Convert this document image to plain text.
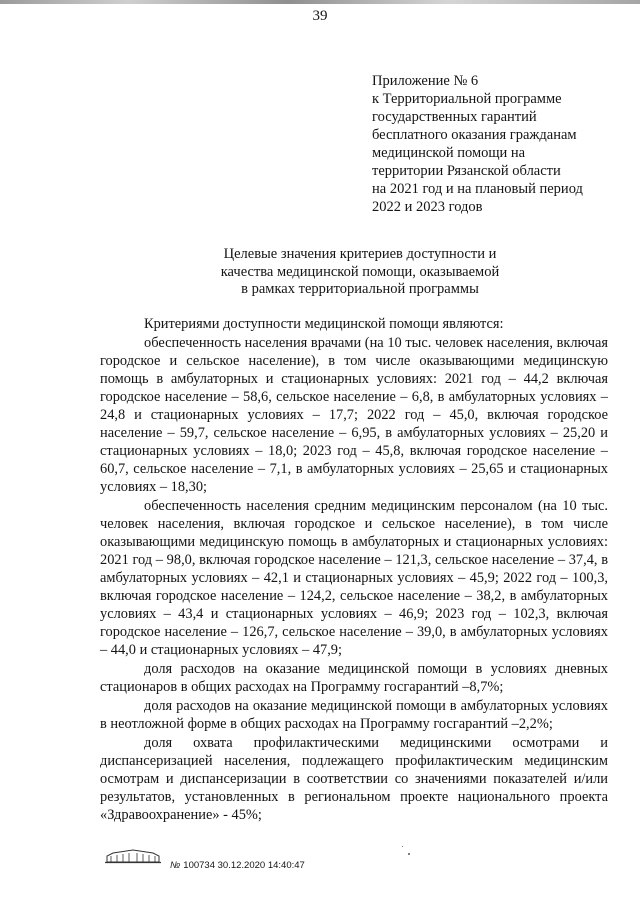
39
Приложение № 6
к Территориальной программе
государственных гарантий
бесплатного оказания гражданам
медицинской помощи на
территории Рязанской области
на 2021 год и на плановый период
2022 и 2023 годов
Целевые значения критериев доступности и
качества медицинской помощи, оказываемой
в рамках территориальной программы

Критериями доступности медицинской помощи являются:

обеспеченность населения врачами (на 10 тыс. человек населения, включая городское и сельское население), в том числе оказывающими медицинскую помощь в амбулаторных и стационарных условиях: 2021 год – 44,2 включая городское население – 58,6, сельское население – 6,8, в амбулаторных условиях – 24,8 и стационарных условиях – 17,7; 2022 год – 45,0, включая городское население – 59,7, сельское население – 6,95, в амбулаторных условиях – 25,20 и стационарных условиях – 18,0; 2023 год – 45,8, включая городское население – 60,7, сельское население – 7,1, в амбулаторных условиях – 25,65 и стационарных условиях – 18,30;

обеспеченность населения средним медицинским персоналом (на 10 тыс. человек населения, включая городское и сельское население), в том числе оказывающими медицинскую помощь в амбулаторных и стационарных условиях: 2021 год – 98,0, включая городское население – 121,3, сельское население – 37,4, в амбулаторных условиях – 42,1 и стационарных условиях – 45,9; 2022 год – 100,3, включая городское население – 124,2, сельское население – 38,2, в амбулаторных условиях – 43,4 и стационарных условиях – 46,9; 2023 год – 102,3, включая городское население – 126,7, сельское население – 39,0, в амбулаторных условиях – 44,0 и стационарных условиях – 47,9;

доля расходов на оказание медицинской помощи в условиях дневных стационаров в общих расходах на Программу госгарантий –8,7%;

доля расходов на оказание медицинской помощи в амбулаторных условиях в неотложной форме в общих расходах на Программу госгарантий –2,2%;

доля охвата профилактическими медицинскими осмотрами и диспансеризацией населения, подлежащего профилактическим медицинским осмотрам и диспансеризации в соответствии со значениями показателей и/или результатов, установленных в региональном проекте национального проекта «Здравоохранение» - 45%;

№ 100734 30.12.2020 14:40:47
